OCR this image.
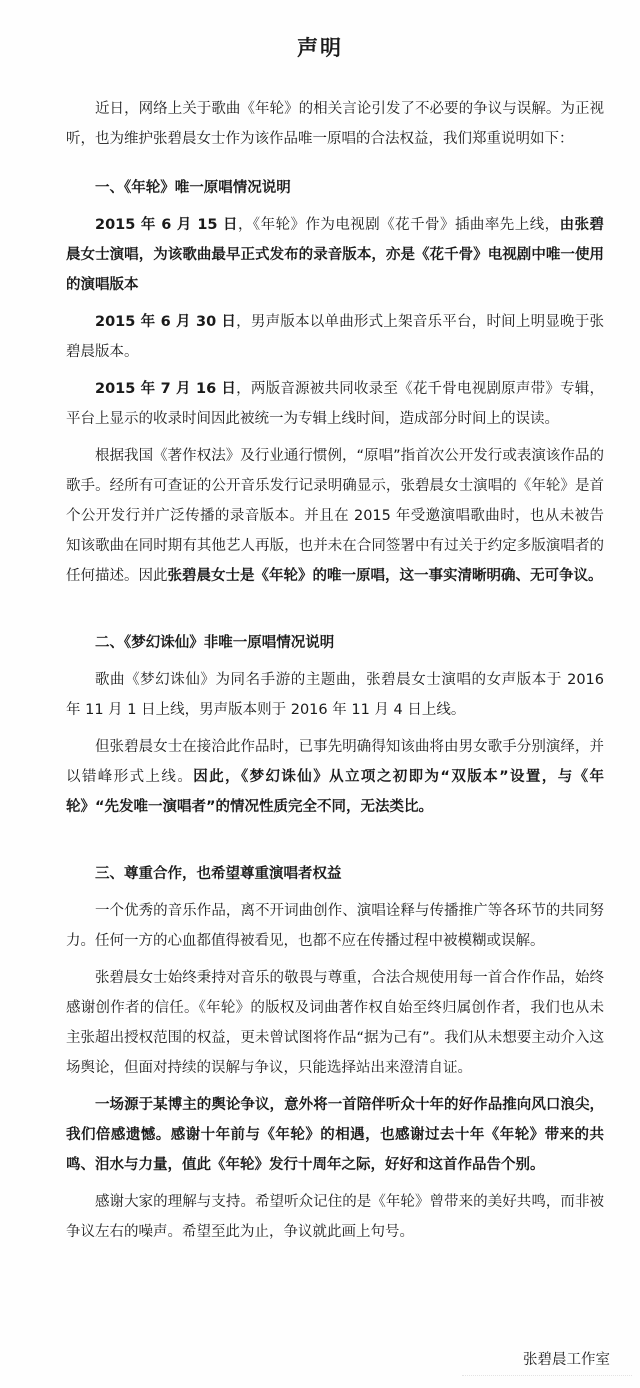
声明

近日，网络上关于歌曲《年轮》的相关言论引发了不必要的争议与误解。为正视听，也为维护张碧晨女士作为该作品唯一原唱的合法权益，我们郑重说明如下：

一、《年轮》唯一原唱情况说明

2015 年 6 月 15 日，《年轮》作为电视剧《花千骨》插曲率先上线，由张碧晨女士演唱，为该歌曲最早正式发布的录音版本，亦是《花千骨》电视剧中唯一使用的演唱版本

2015 年 6 月 30 日，男声版本以单曲形式上架音乐平台，时间上明显晚于张碧晨版本。

2015 年 7 月 16 日，两版音源被共同收录至《花千骨电视剧原声带》专辑，平台上显示的收录时间因此被统一为专辑上线时间，造成部分时间上的误读。

根据我国《著作权法》及行业通行惯例，“原唱”指首次公开发行或表演该作品的歌手。经所有可查证的公开音乐发行记录明确显示，张碧晨女士演唱的《年轮》是首个公开发行并广泛传播的录音版本。并且在 2015 年受邀演唱歌曲时，也从未被告知该歌曲在同时期有其他艺人再版，也并未在合同签署中有过关于约定多版演唱者的任何描述。因此张碧晨女士是《年轮》的唯一原唱，这一事实清晰明确、无可争议。

二、《梦幻诛仙》非唯一原唱情况说明

歌曲《梦幻诛仙》为同名手游的主题曲，张碧晨女士演唱的女声版本于 2016 年 11 月 1 日上线，男声版本则于 2016 年 11 月 4 日上线。

但张碧晨女士在接洽此作品时，已事先明确得知该曲将由男女歌手分别演绎，并以错峰形式上线。因此，《梦幻诛仙》从立项之初即为“双版本”设置，与《年轮》“先发唯一演唱者”的情况性质完全不同，无法类比。

三、尊重合作，也希望尊重演唱者权益

一个优秀的音乐作品，离不开词曲创作、演唱诠释与传播推广等各环节的共同努力。任何一方的心血都值得被看见，也都不应在传播过程中被模糊或误解。

张碧晨女士始终秉持对音乐的敬畏与尊重，合法合规使用每一首合作作品，始终感谢创作者的信任。《年轮》的版权及词曲著作权自始至终归属创作者，我们也从未主张超出授权范围的权益，更未曾试图将作品“据为己有”。我们从未想要主动介入这场舆论，但面对持续的误解与争议，只能选择站出来澄清自证。

一场源于某博主的舆论争议，意外将一首陪伴听众十年的好作品推向风口浪尖，我们倍感遗憾。感谢十年前与《年轮》的相遇，也感谢过去十年《年轮》带来的共鸣、泪水与力量，值此《年轮》发行十周年之际，好好和这首作品告个别。

感谢大家的理解与支持。希望听众记住的是《年轮》曾带来的美好共鸣，而非被争议左右的噪声。希望至此为止，争议就此画上句号。

张碧晨工作室
